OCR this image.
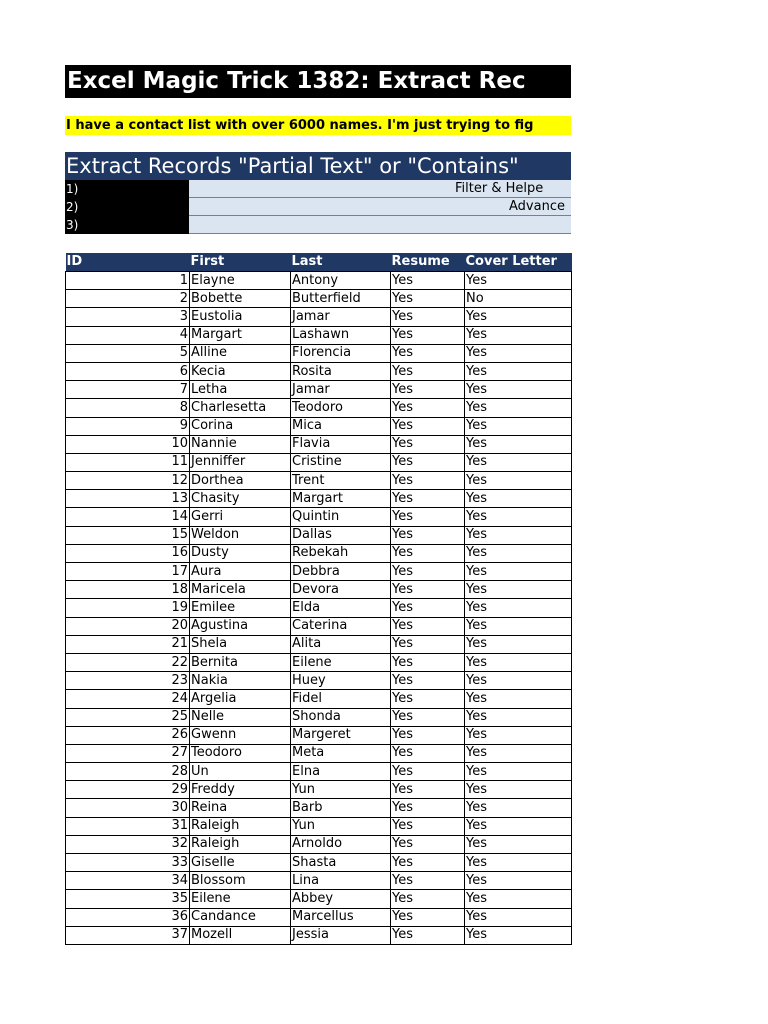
Excel Magic Trick 1382: Extract Rec
I have a contact list with over 6000 names. I'm just trying to fig
Extract Records "Partial Text" or "Contains"
1)	Filter & Helpe
2)	Advance
3)
ID	First	Last	Resume	Cover Letter
1	Elayne	Antony	Yes	Yes
2	Bobette	Butterfield	Yes	No
3	Eustolia	Jamar	Yes	Yes
4	Margart	Lashawn	Yes	Yes
5	Alline	Florencia	Yes	Yes
6	Kecia	Rosita	Yes	Yes
7	Letha	Jamar	Yes	Yes
8	Charlesetta	Teodoro	Yes	Yes
9	Corina	Mica	Yes	Yes
10	Nannie	Flavia	Yes	Yes
11	Jenniffer	Cristine	Yes	Yes
12	Dorthea	Trent	Yes	Yes
13	Chasity	Margart	Yes	Yes
14	Gerri	Quintin	Yes	Yes
15	Weldon	Dallas	Yes	Yes
16	Dusty	Rebekah	Yes	Yes
17	Aura	Debbra	Yes	Yes
18	Maricela	Devora	Yes	Yes
19	Emilee	Elda	Yes	Yes
20	Agustina	Caterina	Yes	Yes
21	Shela	Alita	Yes	Yes
22	Bernita	Eilene	Yes	Yes
23	Nakia	Huey	Yes	Yes
24	Argelia	Fidel	Yes	Yes
25	Nelle	Shonda	Yes	Yes
26	Gwenn	Margeret	Yes	Yes
27	Teodoro	Meta	Yes	Yes
28	Un	Elna	Yes	Yes
29	Freddy	Yun	Yes	Yes
30	Reina	Barb	Yes	Yes
31	Raleigh	Yun	Yes	Yes
32	Raleigh	Arnoldo	Yes	Yes
33	Giselle	Shasta	Yes	Yes
34	Blossom	Lina	Yes	Yes
35	Eilene	Abbey	Yes	Yes
36	Candance	Marcellus	Yes	Yes
37	Mozell	Jessia	Yes	Yes
